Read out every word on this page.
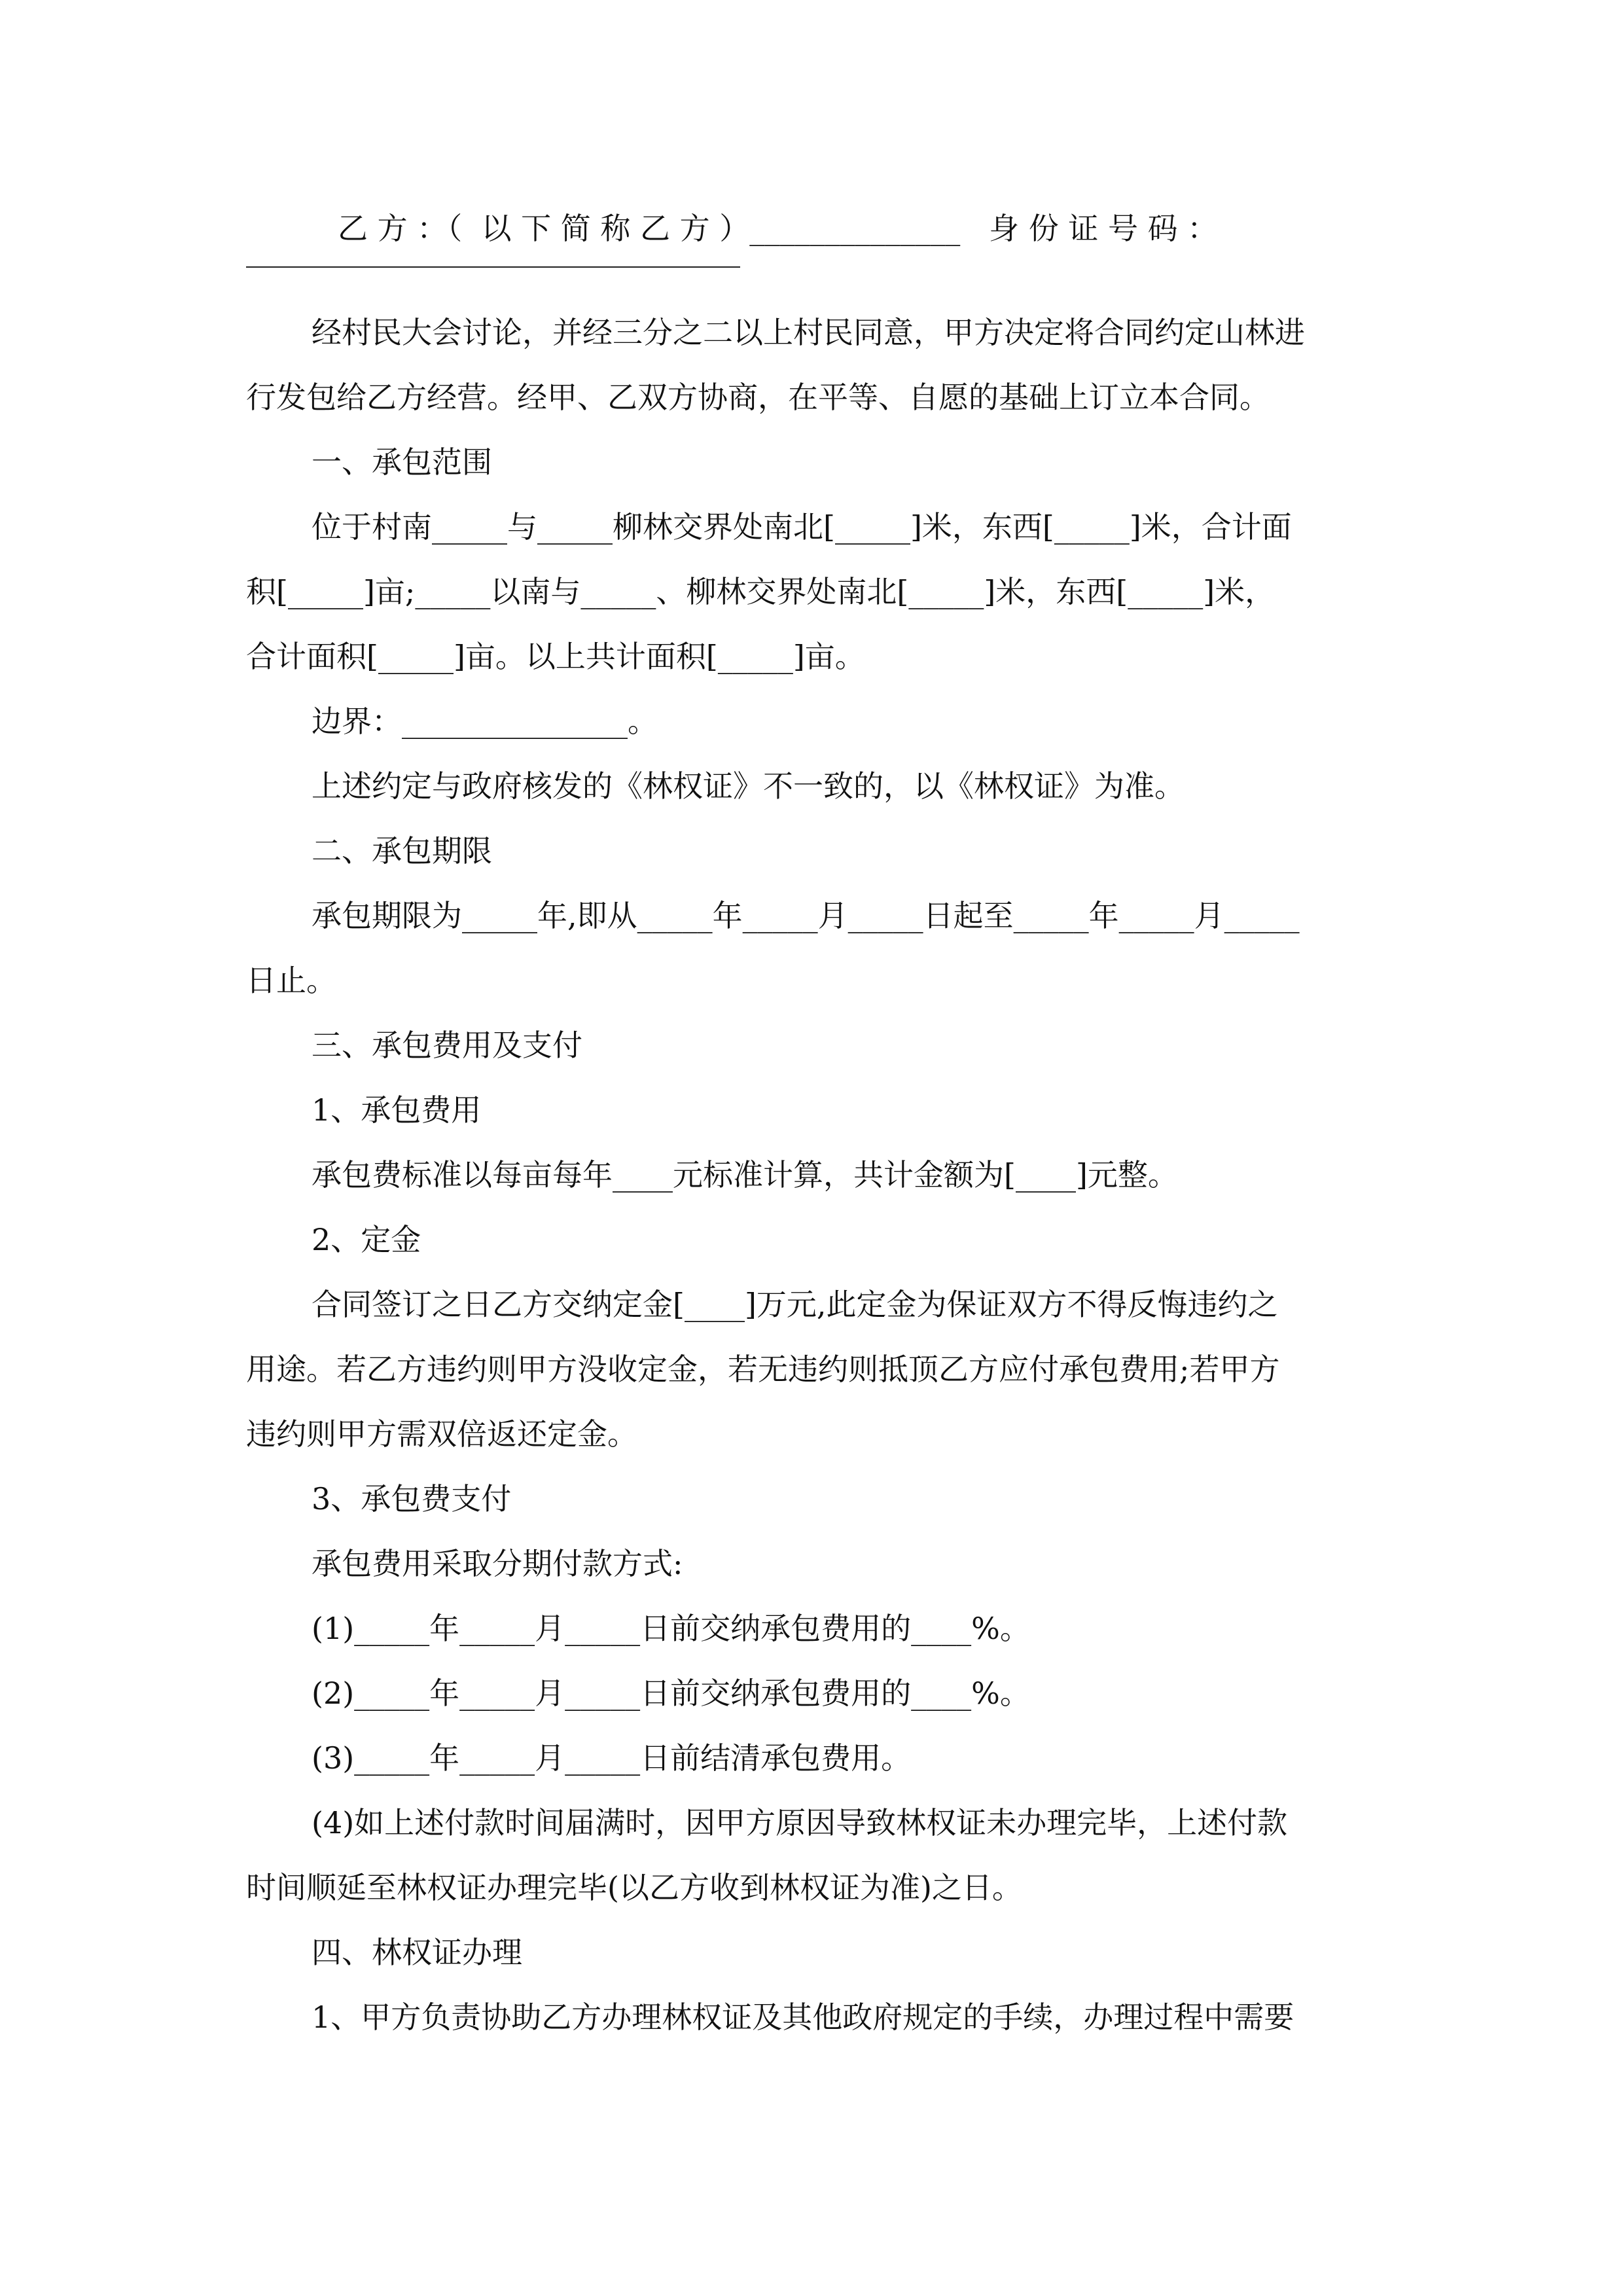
乙 方 ：（  以 下 简 称 乙 方 ）______________   身 份 证 号 码 ：
经村民大会讨论，并经三分之二以上村民同意，甲方决定将合同约定山林进
行发包给乙方经营。经甲、乙双方协商，在平等、自愿的基础上订立本合同。
一、承包范围
位于村南_____与_____柳林交界处南北[_____]米，东西[_____]米，合计面
积[_____]亩;_____以南与_____、柳林交界处南北[_____]米，东西[_____]米，
合计面积[_____]亩。以上共计面积[_____]亩。
边界：_______________。
上述约定与政府核发的《林权证》不一致的，以《林权证》为准。
二、承包期限
承包期限为_____年,即从_____年_____月_____日起至_____年_____月_____
日止。
三、承包费用及支付
1、承包费用
承包费标准以每亩每年____元标准计算，共计金额为[____]元整。
2、定金
合同签订之日乙方交纳定金[____]万元,此定金为保证双方不得反悔违约之
用途。若乙方违约则甲方没收定金，若无违约则抵顶乙方应付承包费用;若甲方
违约则甲方需双倍返还定金。
3、承包费支付
承包费用采取分期付款方式:
(1)_____年_____月_____日前交纳承包费用的____%。
(2)_____年_____月_____日前交纳承包费用的____%。
(3)_____年_____月_____日前结清承包费用。
(4)如上述付款时间届满时，因甲方原因导致林权证未办理完毕，上述付款
时间顺延至林权证办理完毕(以乙方收到林权证为准)之日。
四、林权证办理
1、甲方负责协助乙方办理林权证及其他政府规定的手续，办理过程中需要
